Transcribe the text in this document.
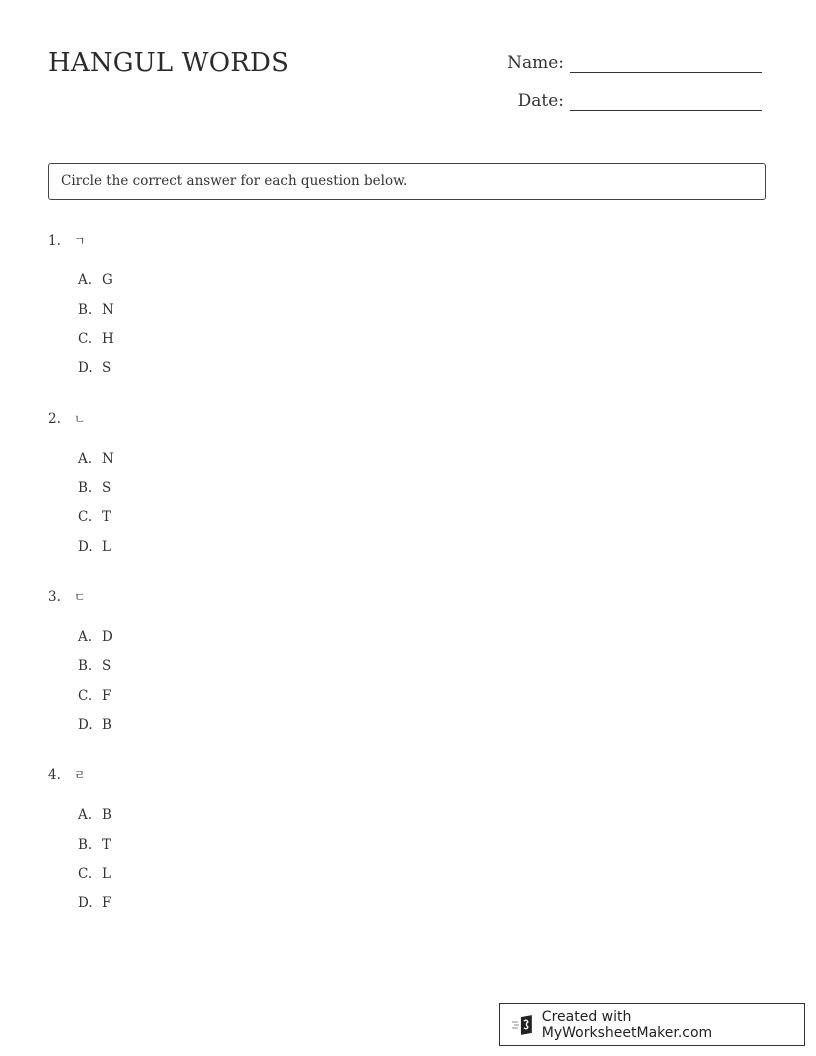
HANGUL WORDS	Name:
Date:
Circle the correct answer for each question below.
1. ㄱ
A. G
B. N
C. H
D. S
2. ㄴ
A. N
B. S
C. T
D. L
3. ㄷ
A. D
B. S
C. F
D. B
4. ㄹ
A. B
B. T
C. L
D. F
Created with MyWorksheetMaker.com
